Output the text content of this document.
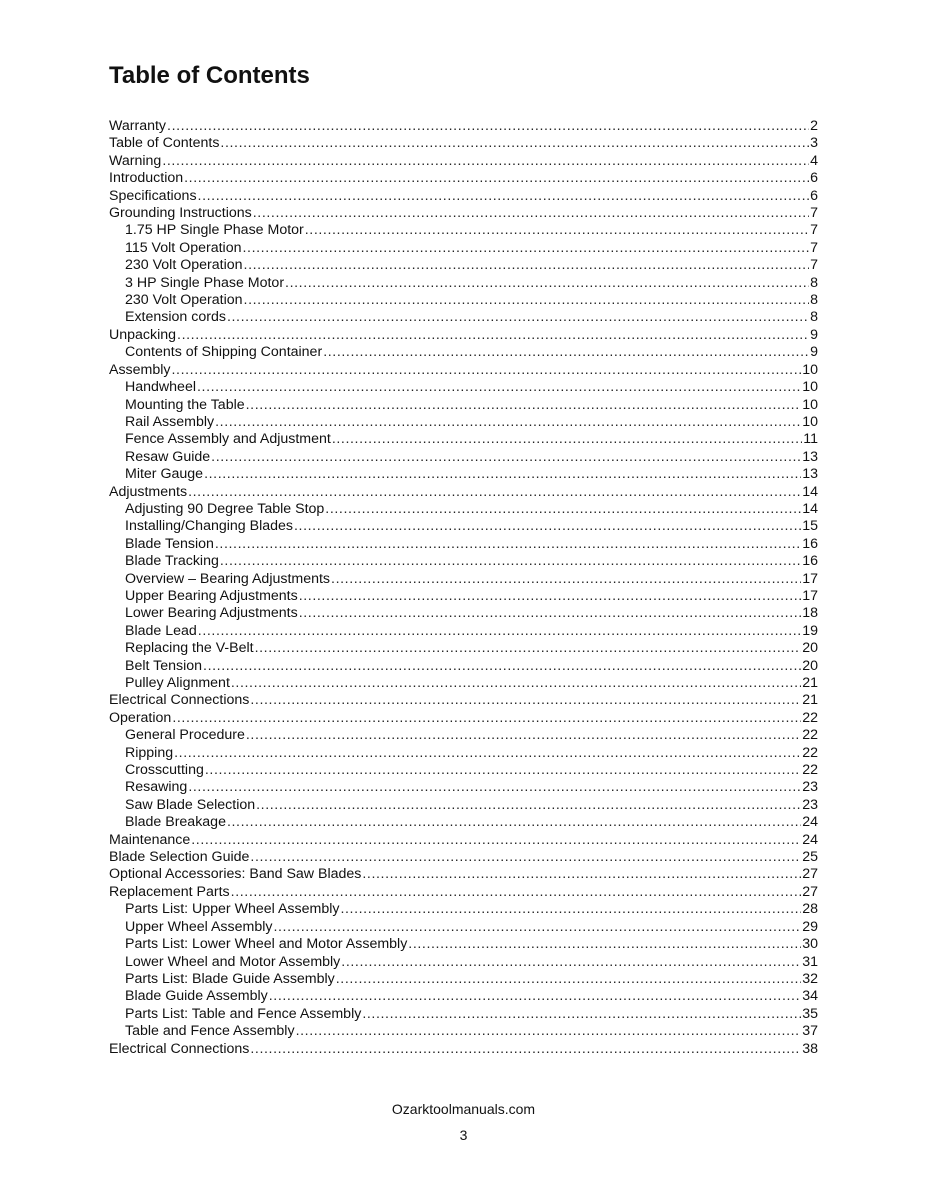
Table of Contents
Warranty .....	2
Table of Contents .....	3
Warning .....	4
Introduction .....	6
Specifications .....	6
Grounding Instructions .....	7
1.75 HP Single Phase Motor .....	7
115 Volt Operation .....	7
230 Volt Operation .....	7
3 HP Single Phase Motor .....	8
230 Volt Operation .....	8
Extension cords .....	8
Unpacking .....	9
Contents of Shipping Container .....	9
Assembly .....	10
Handwheel .....	10
Mounting the Table .....	10
Rail Assembly .....	10
Fence Assembly and Adjustment .....	11
Resaw Guide .....	13
Miter Gauge .....	13
Adjustments .....	14
Adjusting 90 Degree Table Stop .....	14
Installing/Changing Blades .....	15
Blade Tension .....	16
Blade Tracking .....	16
Overview – Bearing Adjustments .....	17
Upper Bearing Adjustments .....	17
Lower Bearing Adjustments .....	18
Blade Lead .....	19
Replacing the V-Belt .....	20
Belt Tension .....	20
Pulley Alignment .....	21
Electrical Connections .....	21
Operation .....	22
General Procedure .....	22
Ripping .....	22
Crosscutting .....	22
Resawing .....	23
Saw Blade Selection .....	23
Blade Breakage .....	24
Maintenance .....	24
Blade Selection Guide .....	25
Optional Accessories: Band Saw Blades .....	27
Replacement Parts .....	27
Parts List: Upper Wheel Assembly .....	28
Upper Wheel Assembly .....	29
Parts List: Lower Wheel and Motor Assembly .....	30
Lower Wheel and Motor Assembly .....	31
Parts List: Blade Guide Assembly .....	32
Blade Guide Assembly .....	34
Parts List: Table and Fence Assembly .....	35
Table and Fence Assembly .....	37
Electrical Connections .....	38
Ozarktoolmanuals.com
3
